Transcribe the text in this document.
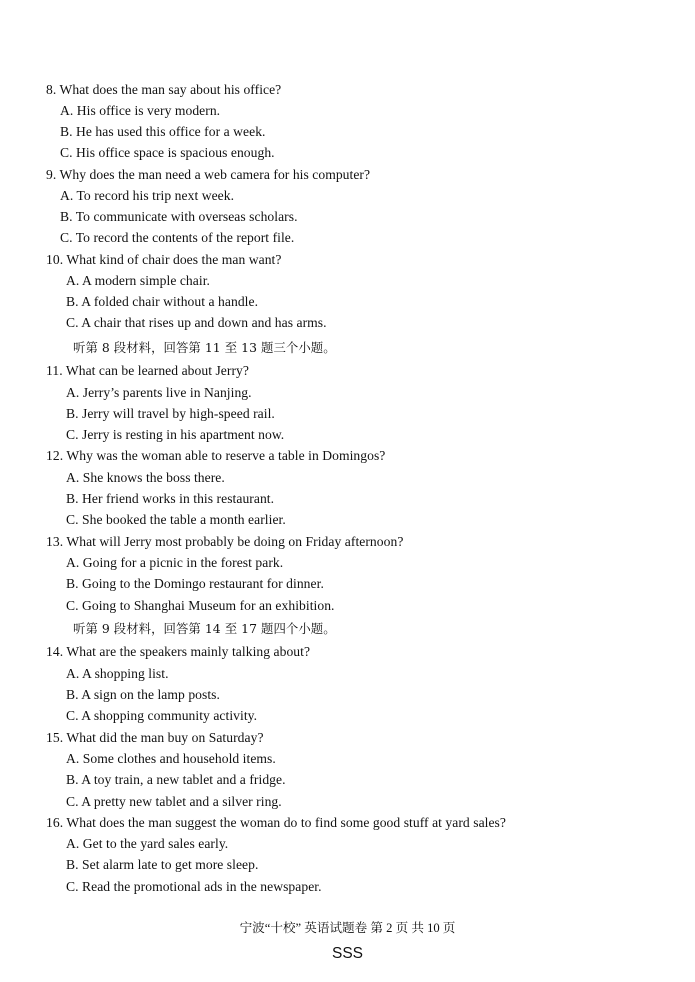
8. What does the man say about his office?
A. His office is very modern.
B. He has used this office for a week.
C. His office space is spacious enough.
9. Why does the man need a web camera for his computer?
A. To record his trip next week.
B. To communicate with overseas scholars.
C. To record the contents of the report file.
10. What kind of chair does the man want?
A. A modern simple chair.
B. A folded chair without a handle.
C. A chair that rises up and down and has arms.
听第 8 段材料，回答第 11 至 13 题三个小题。
11. What can be learned about Jerry?
A. Jerry’s parents live in Nanjing.
B. Jerry will travel by high-speed rail.
C. Jerry is resting in his apartment now.
12. Why was the woman able to reserve a table in Domingos?
A. She knows the boss there.
B. Her friend works in this restaurant.
C. She booked the table a month earlier.
13. What will Jerry most probably be doing on Friday afternoon?
A. Going for a picnic in the forest park.
B. Going to the Domingo restaurant for dinner.
C. Going to Shanghai Museum for an exhibition.
听第 9 段材料，回答第 14 至 17 题四个小题。
14. What are the speakers mainly talking about?
A. A shopping list.
B. A sign on the lamp posts.
C. A shopping community activity.
15. What did the man buy on Saturday?
A. Some clothes and household items.
B. A toy train, a new tablet and a fridge.
C. A pretty new tablet and a silver ring.
16. What does the man suggest the woman do to find some good stuff at yard sales?
A. Get to the yard sales early.
B. Set alarm late to get more sleep.
C. Read the promotional ads in the newspaper.
宁波“十校” 英语试题卷 第 2 页 共 10 页
SSS
